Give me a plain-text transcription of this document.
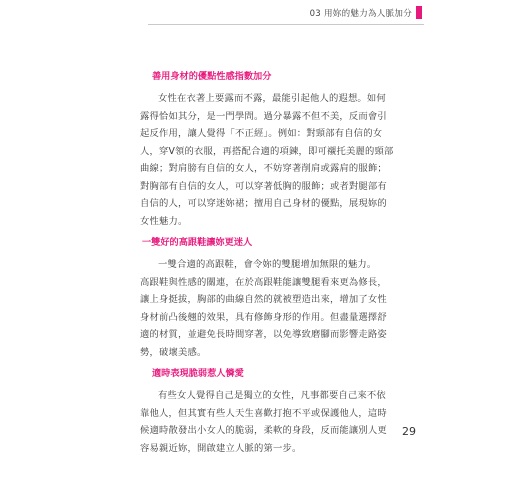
03 用妳的魅力為人脈加分
善用身材的優點性感指數加分
女性在衣著上要露而不露，最能引起他人的遐想。如何
露得恰如其分，是一門學問。過分暴露不但不美，反而會引
起反作用，讓人覺得「不正經」。例如：對頸部有自信的女
人，穿V領的衣服，再搭配合適的項鍊，即可襯托美麗的頸部
曲線；對肩膀有自信的女人，不妨穿著削肩或露肩的服飾；
對胸部有自信的女人，可以穿著低胸的服飾；或者對腿部有
自信的人，可以穿迷妳裙；擅用自己身材的優點，展現妳的
女性魅力。
一雙好的高跟鞋讓妳更迷人
一雙合適的高跟鞋，會令妳的雙腿增加無限的魅力。
高跟鞋與性感的關連，在於高跟鞋能讓雙腿看來更為修長，
讓上身挺拔，胸部的曲線自然的就被塑造出來，增加了女性
身材前凸後翹的效果，具有修飾身形的作用。但盡量選擇舒
適的材質，並避免長時間穿著，以免導致磨腳而影響走路姿
勢，破壞美感。
適時表現脆弱惹人憐愛
有些女人覺得自己是獨立的女性，凡事都要自己來不依
靠他人，但其實有些人天生喜歡打抱不平或保護他人，這時
候適時散發出小女人的脆弱，柔軟的身段，反而能讓別人更
容易親近妳，開啟建立人脈的第一步。
29
